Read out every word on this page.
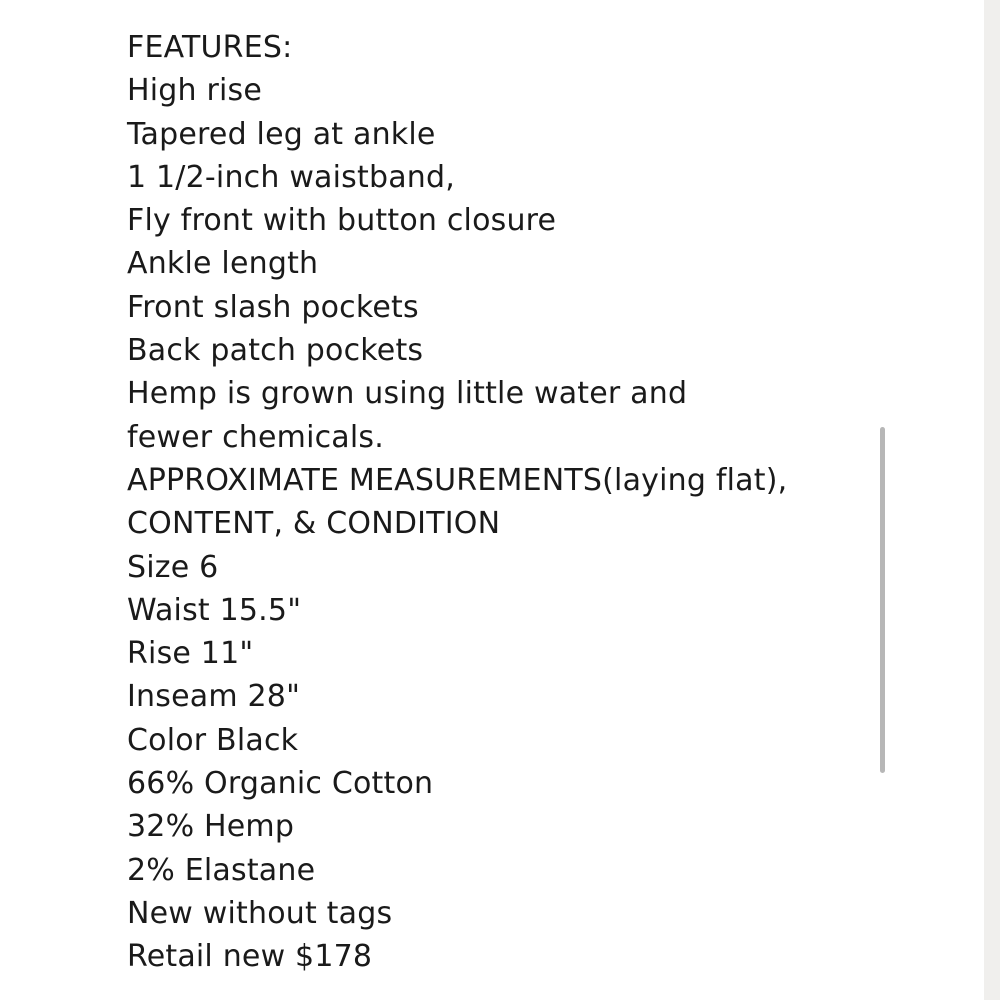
FEATURES:
High rise
Tapered leg at ankle
1 1/2-inch waistband,
Fly front with button closure
Ankle length
Front slash pockets
Back patch pockets
Hemp is grown using little water and
fewer chemicals.
APPROXIMATE MEASUREMENTS(laying flat),
CONTENT, & CONDITION
Size 6
Waist 15.5"
Rise 11"
Inseam 28"
Color Black
66% Organic Cotton
32% Hemp
2% Elastane
New without tags
Retail new $178
